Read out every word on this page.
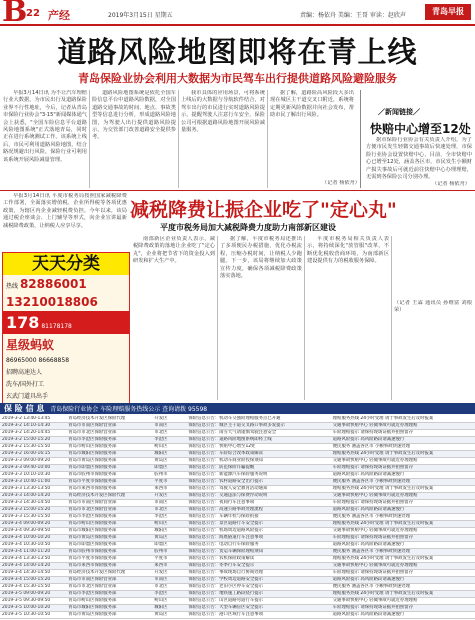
B
22 产经	2019年3月15日 星期五	责编：杨依舟 美编：王哥 审读：赵欣声	青岛早报
道路风险地图即将在青上线
青岛保险业协会利用大数据为市民驾车出行提供道路风险避险服务

早报3月14日讯 为不让汽车理赔行业大数据，为市民出行及道路保险业界不行性地址，今后，记者从青岛市保险行业协会"3·15"新闻媒体通气会上获悉，"全国车险信息平台道路风险地图系统"正式落地青岛，同时正在进行系统测试工作。该系统上线后，市民可利用道路风险地图，结合路况规避出行风险，保险行业可利用该系统开展风险减量管理。

道路风险地图系统是依托全国车险信息平台中道路风险数据，对全国道路交通事故的时间、地点、事故类型等信息进行分析，形成道路风险地图，为驾驶人出行提供道路风险提示，为交管部门改善道路安全提供参考。

我市具体的应用场景，可将系统上线后的大数据与导航软件结合，对驾车出行的市民进行实时道路风险提示，提醒驾驶人注意行车安全，保险公司可根据道路风险地图开展风险减量服务。

据了解，道路险高风险段大多出现在城区主干道交叉口附近，系统将定期更新风险数据并向社会发布，帮助市民了解出行风险。

（记者 杨依舟）
／新闻链接／
快赔中心增至12处

据市保险行业协会有关负责人介绍，为了方便市民发生轻微交通事故后快速处理，市保险行业协会设置快赔中心，目前，全市快赔中心已增至12处，涵盖各区市，市民发生小额财产损失事故后可就近前往快赔中心办理理赔，无需到各保险公司分别办理。

（记者 杨依舟）

早报3月14日讯 平度市税务局按照国家减税降费工作部署，全面落实增值税、企业所得税等各项优惠政策，为辖区内企业减轻税费负担。今年以来，该局通过税企座谈会、上门辅导等形式，向企业宣讲最新减税降费政策，让纳税人应享尽享。

减税降费让振企业吃了"定心丸"
平度市税务局加大减税降费力度助力南部新区建设

南部新区企业负责人表示，减税降费政策的落地让企业吃了"定心丸"，企业将把节省下的资金投入到研发和扩大生产中。

据了解，平度市税务局还推出了多项便民办税措施，优化办税流程，压缩办税时间，让纳税人少跑腿。下一步，该局将继续加大政策宣传力度，确保各项减税降费政策落实落地。

平度市税务局相关负责人表示，将持续深化"放管服"改革，不断优化税收营商环境，为南部新区建设提供有力的税收服务保障。

（记者 王霖 通讯员 孙维富 刘根荣）
天天分类
热线 82886001
13210018806
178 81178178
星级蚂蚁
86965000 86668858
招聘高速达人
洗车/国外打工
玄武门道具出手
保 险 信 息 青岛保险行业协会 车险理赔服务热线公示 查询请拨 95598
2019-3-2 13:40-13:45	青岛经济技术开发区保险代理	开发区	保险信息公告：机动车交强险理赔服务点已开通	理赔服务热线 24小时受理 请于事故发生后及时报案
2019-3-2 14:10-14:30	青岛市市南区保险营业部	市南区	保险信息公告：城区主干道交叉路口事故多发提示	交通事故快赔中心 轻微事故可就近办理理赔
2019-3-2 14:20-14:45	青岛市市北区保险营业部	市北区	保险信息公告：雨雪天气请谨慎驾驶注意安全	车险理赔提示 请保持现场证据并拍照留存
2019-3-2 15:00-15:20	青岛市李沧区保险服务部	李沧区	保险信息公告：道路风险地图系统即将上线	道路风险提示 高风险路段请减速慢行
2019-3-2 15:30-15:50	青岛市崂山区保险服务部	崂山区	保险信息公告：快赔中心增至12处	便民服务 涵盖各区市 小额事故快速处理
2019-3-2 16:00-16:15	青岛市城阳区保险服务部	城阳区	保险信息公告：车险综合改革政策解读	理赔服务热线 24小时受理 请于事故发生后及时报案
2019-3-3 09:00-09:20	青岛市黄岛区保险服务部	黄岛区	保险信息公告：机动车商业险投保须知	交通事故快赔中心 轻微事故可就近办理理赔
2019-3-3 09:40-10:00	青岛市即墨区保险服务部	即墨区	保险信息公告：防范保险诈骗提醒	车险理赔提示 请保持现场证据并拍照留存
2019-3-3 10:10-10:30	青岛市胶州市保险服务部	胶州市	保险信息公告：新能源汽车保险服务说明	道路风险提示 高风险路段请减速慢行
2019-3-3 10:40-11:00	青岛市平度市保险服务部	平度市	保险信息公告：农村道路安全出行提示	便民服务 涵盖各区市 小额事故快速处理
2019-3-3 13:30-13:50	青岛市莱西市保险服务部	莱西市	保险信息公告：驾驶人安全教育活动通知	理赔服务热线 24小时受理 请于事故发生后及时报案
2019-3-3 14:00-14:20	青岛经济技术开发区保险代理	开发区	保险信息公告：交通违法与保费浮动说明	交通事故快赔中心 轻微事故可就近办理理赔
2019-3-3 14:30-14:50	青岛市市南区保险营业部	市南区	保险信息公告：夜间行车注意事项	车险理赔提示 请保持现场证据并拍照留存
2019-3-3 15:00-15:20	青岛市市北区保险营业部	市北区	保险信息公告：高速公路事故处理流程	道路风险提示 高风险路段请减速慢行
2019-3-3 15:30-15:50	青岛市李沧区保险服务部	李沧区	保险信息公告：车辆年检与保险衔接	便民服务 涵盖各区市 小额事故快速处理
2019-3-4 09:00-09:20	青岛市崂山区保险服务部	崂山区	保险信息公告：景区道路行车安全提示	理赔服务热线 24小时受理 请于事故发生后及时报案
2019-3-4 09:30-09:50	青岛市城阳区保险服务部	城阳区	保险信息公告：机场周边道路风险提示	交通事故快赔中心 轻微事故可就近办理理赔
2019-3-4 10:00-10:20	青岛市黄岛区保险服务部	黄岛区	保险信息公告：海底隧道行车注意事项	车险理赔提示 请保持现场证据并拍照留存
2019-3-4 10:30-10:50	青岛市即墨区保险服务部	即墨区	保险信息公告：电动自行车保险服务	道路风险提示 高风险路段请减速慢行
2019-3-4 11:00-11:20	青岛市胶州市保险服务部	胶州市	保险信息公告：货运车辆保险理赔须知	便民服务 涵盖各区市 小额事故快速处理
2019-3-4 13:30-13:50	青岛市平度市保险服务部	平度市	保险信息公告：农机保险政策解读	理赔服务热线 24小时受理 请于事故发生后及时报案
2019-3-4 14:00-14:20	青岛市莱西市保险服务部	莱西市	保险信息公告：冬季行车安全提示	交通事故快赔中心 轻微事故可就近办理理赔
2019-3-4 14:30-14:50	青岛经济技术开发区保险代理	开发区	保险信息公告：事故现场自行协商处理	车险理赔提示 请保持现场证据并拍照留存
2019-3-4 15:00-15:20	青岛市市南区保险营业部	市南区	保险信息公告：学校周边道路安全提示	道路风险提示 高风险路段请减速慢行
2019-3-4 15:30-15:50	青岛市市北区保险营业部	市北区	保险信息公告：老旧小区停车安全提示	便民服务 涵盖各区市 小额事故快速处理
2019-3-5 09:00-09:20	青岛市李沧区保险服务部	李沧区	保险信息公告：地铁施工路段绕行提示	理赔服务热线 24小时受理 请于事故发生后及时报案
2019-3-5 09:30-09:50	青岛市崂山区保险服务部	崂山区	保险信息公告：山区道路弯道行车提示	交通事故快赔中心 轻微事故可就近办理理赔
2019-3-5 10:00-10:20	青岛市城阳区保险服务部	城阳区	保险信息公告：大型车辆盲区安全提示	车险理赔提示 请保持现场证据并拍照留存
2019-3-5 10:30-10:50	青岛市黄岛区保险服务部	黄岛区	保险信息公告：港口区域行车注意事项	道路风险提示 高风险路段请减速慢行
